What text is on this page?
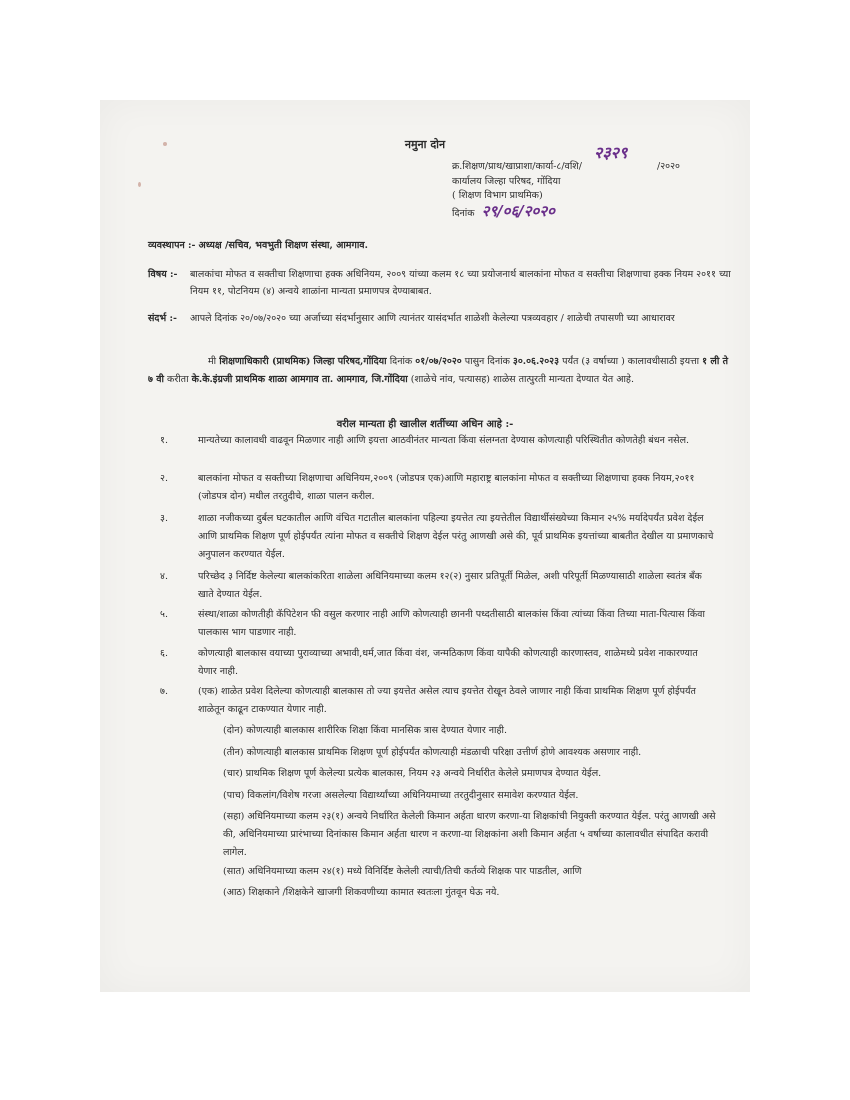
नमुना दोन
क्र.शिक्षण/प्राथ/खाप्राशा/कार्या-८/वशि/
२३२९
/२०२०
कार्यालय जिल्हा परिषद, गोंदिया
( शिक्षण विभाग प्राथमिक)
दिनांक २९/०६/२०२०
व्यवस्थापन :- अध्यक्ष /सचिव, भवभुती शिक्षण संस्था, आमगाव.
विषय :- बालकांचा मोफत व सक्तीचा शिक्षणाचा हक्क अधिनियम, २००९ यांच्या कलम १८ च्या प्रयोजनार्थ बालकांना मोफत व सक्तीचा शिक्षणाचा हक्क नियम २०११ च्या नियम ११, पोटनियम (४) अन्वये शाळांना मान्यता प्रमाणपत्र देण्याबाबत.
संदर्भ :- आपले दिनांक २०/०७/२०२० च्या अर्जाच्या संदर्भानुसार आणि त्यानंतर यासंदर्भात शाळेशी केलेल्या पत्रव्यवहार / शाळेची तपासणी च्या आधारावर
मी शिक्षणाधिकारी (प्राथमिक) जिल्हा परिषद,गोंदिया दिनांक ०१/०७/२०२० पासुन दिनांक ३०.०६.२०२३ पर्यंत (३ वर्षाच्या ) कालावधीसाठी इयत्ता १ ली ते ७ वी करीता के.के.इंग्रजी प्राथमिक शाळा आमगाव ता. आमगाव, जि.गोंदिया (शाळेचे नांव, पत्यासह) शाळेस तात्पुरती मान्यता देण्यात येत आहे.
वरील मान्यता ही खालील शर्तीच्या अधिन आहे :-
१.	मान्यतेच्या कालावधी वाढवून मिळणार नाही आणि इयत्ता आठवीनंतर मान्यता किंवा संलग्नता देण्यास कोणत्याही परिस्थितीत कोणतेही बंधन नसेल.
२.	बालकांना मोफत व सक्तीच्या शिक्षणाचा अधिनियम,२००९ (जोडपत्र एक)आणि महाराष्ट्र बालकांना मोफत व सक्तीच्या शिक्षणाचा हक्क नियम,२०११ (जोडपत्र दोन) मधील तरतुदीचे, शाळा पालन करील.
३.	शाळा नजीकच्या दुर्बल घटकातील आणि वंचित गटातील बालकांना पहिल्या इयत्तेत त्या इयत्तेतील विद्यार्थीसंख्येच्या किमान २५% मर्यादेपर्यंत प्रवेश देईल आणि प्राथमिक शिक्षण पूर्ण होईपर्यंत त्यांना मोफत व सक्तीचे शिक्षण देईल परंतु आणखी असे की, पूर्व प्राथमिक इयत्तांच्या बाबतीत देखील या प्रमाणकाचे अनुपालन करण्यात येईल.
४.	परिच्छेद ३ निर्दिष्ट केलेल्या बालकांकरिता शाळेला अधिनियमाच्या कलम १२(२) नुसार प्रतिपूर्ती मिळेल, अशी परिपूर्ती मिळण्यासाठी शाळेला स्वतंत्र बँक खाते देण्यात येईल.
५.	संस्था/शाळा कोणतीही कॅपिटेशन फी वसुल करणार नाही आणि कोणत्याही छाननी पध्दतीसाठी बालकांस किंवा त्यांच्या किंवा तिच्या माता-पित्यास किंवा पालकास भाग पाडणार नाही.
६.	कोणत्याही बालकास वयाच्या पुराव्याच्या अभावी,धर्म,जात किंवा वंश, जन्मठिकाण किंवा यापैकी कोणत्याही कारणास्तव, शाळेमध्ये प्रवेश नाकारण्यात येणार नाही.
७.	(एक) शाळेत प्रवेश दिलेल्या कोणत्याही बालकास तो ज्या इयत्तेत असेल त्याच इयत्तेत रोखून ठेवले जाणार नाही किंवा प्राथमिक शिक्षण पूर्ण होईपर्यंत शाळेतून काढून टाकण्यात येणार नाही.
(दोन) कोणत्याही बालकास शारीरिक शिक्षा किंवा मानसिक त्रास देण्यात येणार नाही.
(तीन) कोणत्याही बालकास प्राथमिक शिक्षण पूर्ण होईपर्यंत कोणत्याही मंडळाची परिक्षा उत्तीर्ण होणे आवश्यक असणार नाही.
(चार) प्राथमिक शिक्षण पूर्ण केलेल्या प्रत्येक बालकास, नियम २३ अन्वये निर्धारीत केलेले प्रमाणपत्र देण्यात येईल.
(पाच) विकलांग/विशेष गरजा असलेल्या विद्यार्थ्यांच्या अधिनियमाच्या तरतुदीनुसार समावेश करण्यात येईल.
(सहा) अधिनियमाच्या कलम २३(१) अन्वये निर्धारित केलेली किमान अर्हता धारण करणा-या शिक्षकांची नियुक्ती करण्यात येईल. परंतु आणखी असे की, अधिनियमाच्या प्रारंभाच्या दिनांकास किमान अर्हता धारण न करणा-या शिक्षकांना अशी किमान अर्हता ५ वर्षाच्या कालावधीत संपादित करावी लागेल.
(सात) अधिनियमाच्या कलम २४(१) मध्ये विनिर्दिष्ट केलेली त्याची/तिची कर्तव्ये शिक्षक पार पाडतील, आणि
(आठ) शिक्षकाने /शिक्षकेने खाजगी शिकवणीच्या कामात स्वतःला गुंतवून घेऊ नये.
